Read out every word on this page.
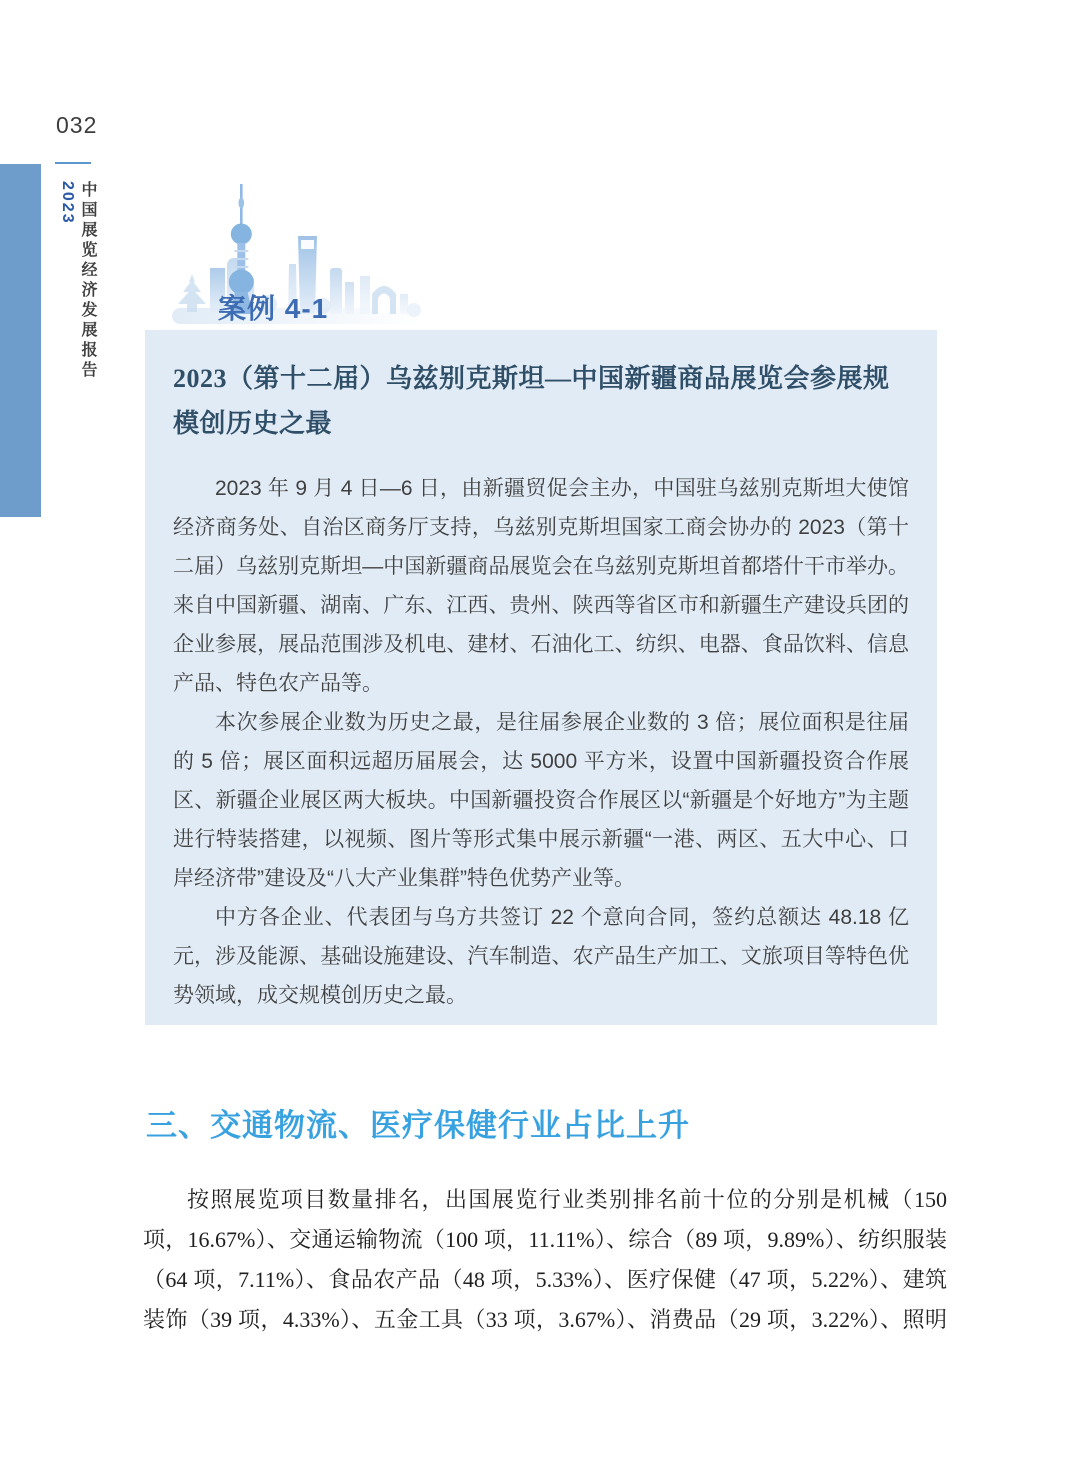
032
中国展览经济发展报告2023
案例 4-1
2023（第十二届）乌兹别克斯坦—中国新疆商品展览会参展规模创历史之最

2023 年 9 月 4 日—6 日，由新疆贸促会主办，中国驻乌兹别克斯坦大使馆经济商务处、自治区商务厅支持，乌兹别克斯坦国家工商会协办的 2023（第十二届）乌兹别克斯坦—中国新疆商品展览会在乌兹别克斯坦首都塔什干市举办。来自中国新疆、湖南、广东、江西、贵州、陕西等省区市和新疆生产建设兵团的企业参展，展品范围涉及机电、建材、石油化工、纺织、电器、食品饮料、信息产品、特色农产品等。

本次参展企业数为历史之最，是往届参展企业数的 3 倍；展位面积是往届的 5 倍；展区面积远超历届展会，达 5000 平方米，设置中国新疆投资合作展区、新疆企业展区两大板块。中国新疆投资合作展区以“新疆是个好地方”为主题进行特装搭建，以视频、图片等形式集中展示新疆“一港、两区、五大中心、口岸经济带”建设及“八大产业集群”特色优势产业等。

中方各企业、代表团与乌方共签订 22 个意向合同，签约总额达 48.18 亿元，涉及能源、基础设施建设、汽车制造、农产品生产加工、文旅项目等特色优势领域，成交规模创历史之最。

三、交通物流、医疗保健行业占比上升

按照展览项目数量排名，出国展览行业类别排名前十位的分别是机械（150 项，16.67%）、交通运输物流（100 项，11.11%）、综合（89 项，9.89%）、纺织服装（64 项，7.11%）、食品农产品（48 项，5.33%）、医疗保健（47 项，5.22%）、建筑装饰（39 项，4.33%）、五金工具（33 项，3.67%）、消费品（29 项，3.22%）、照明
